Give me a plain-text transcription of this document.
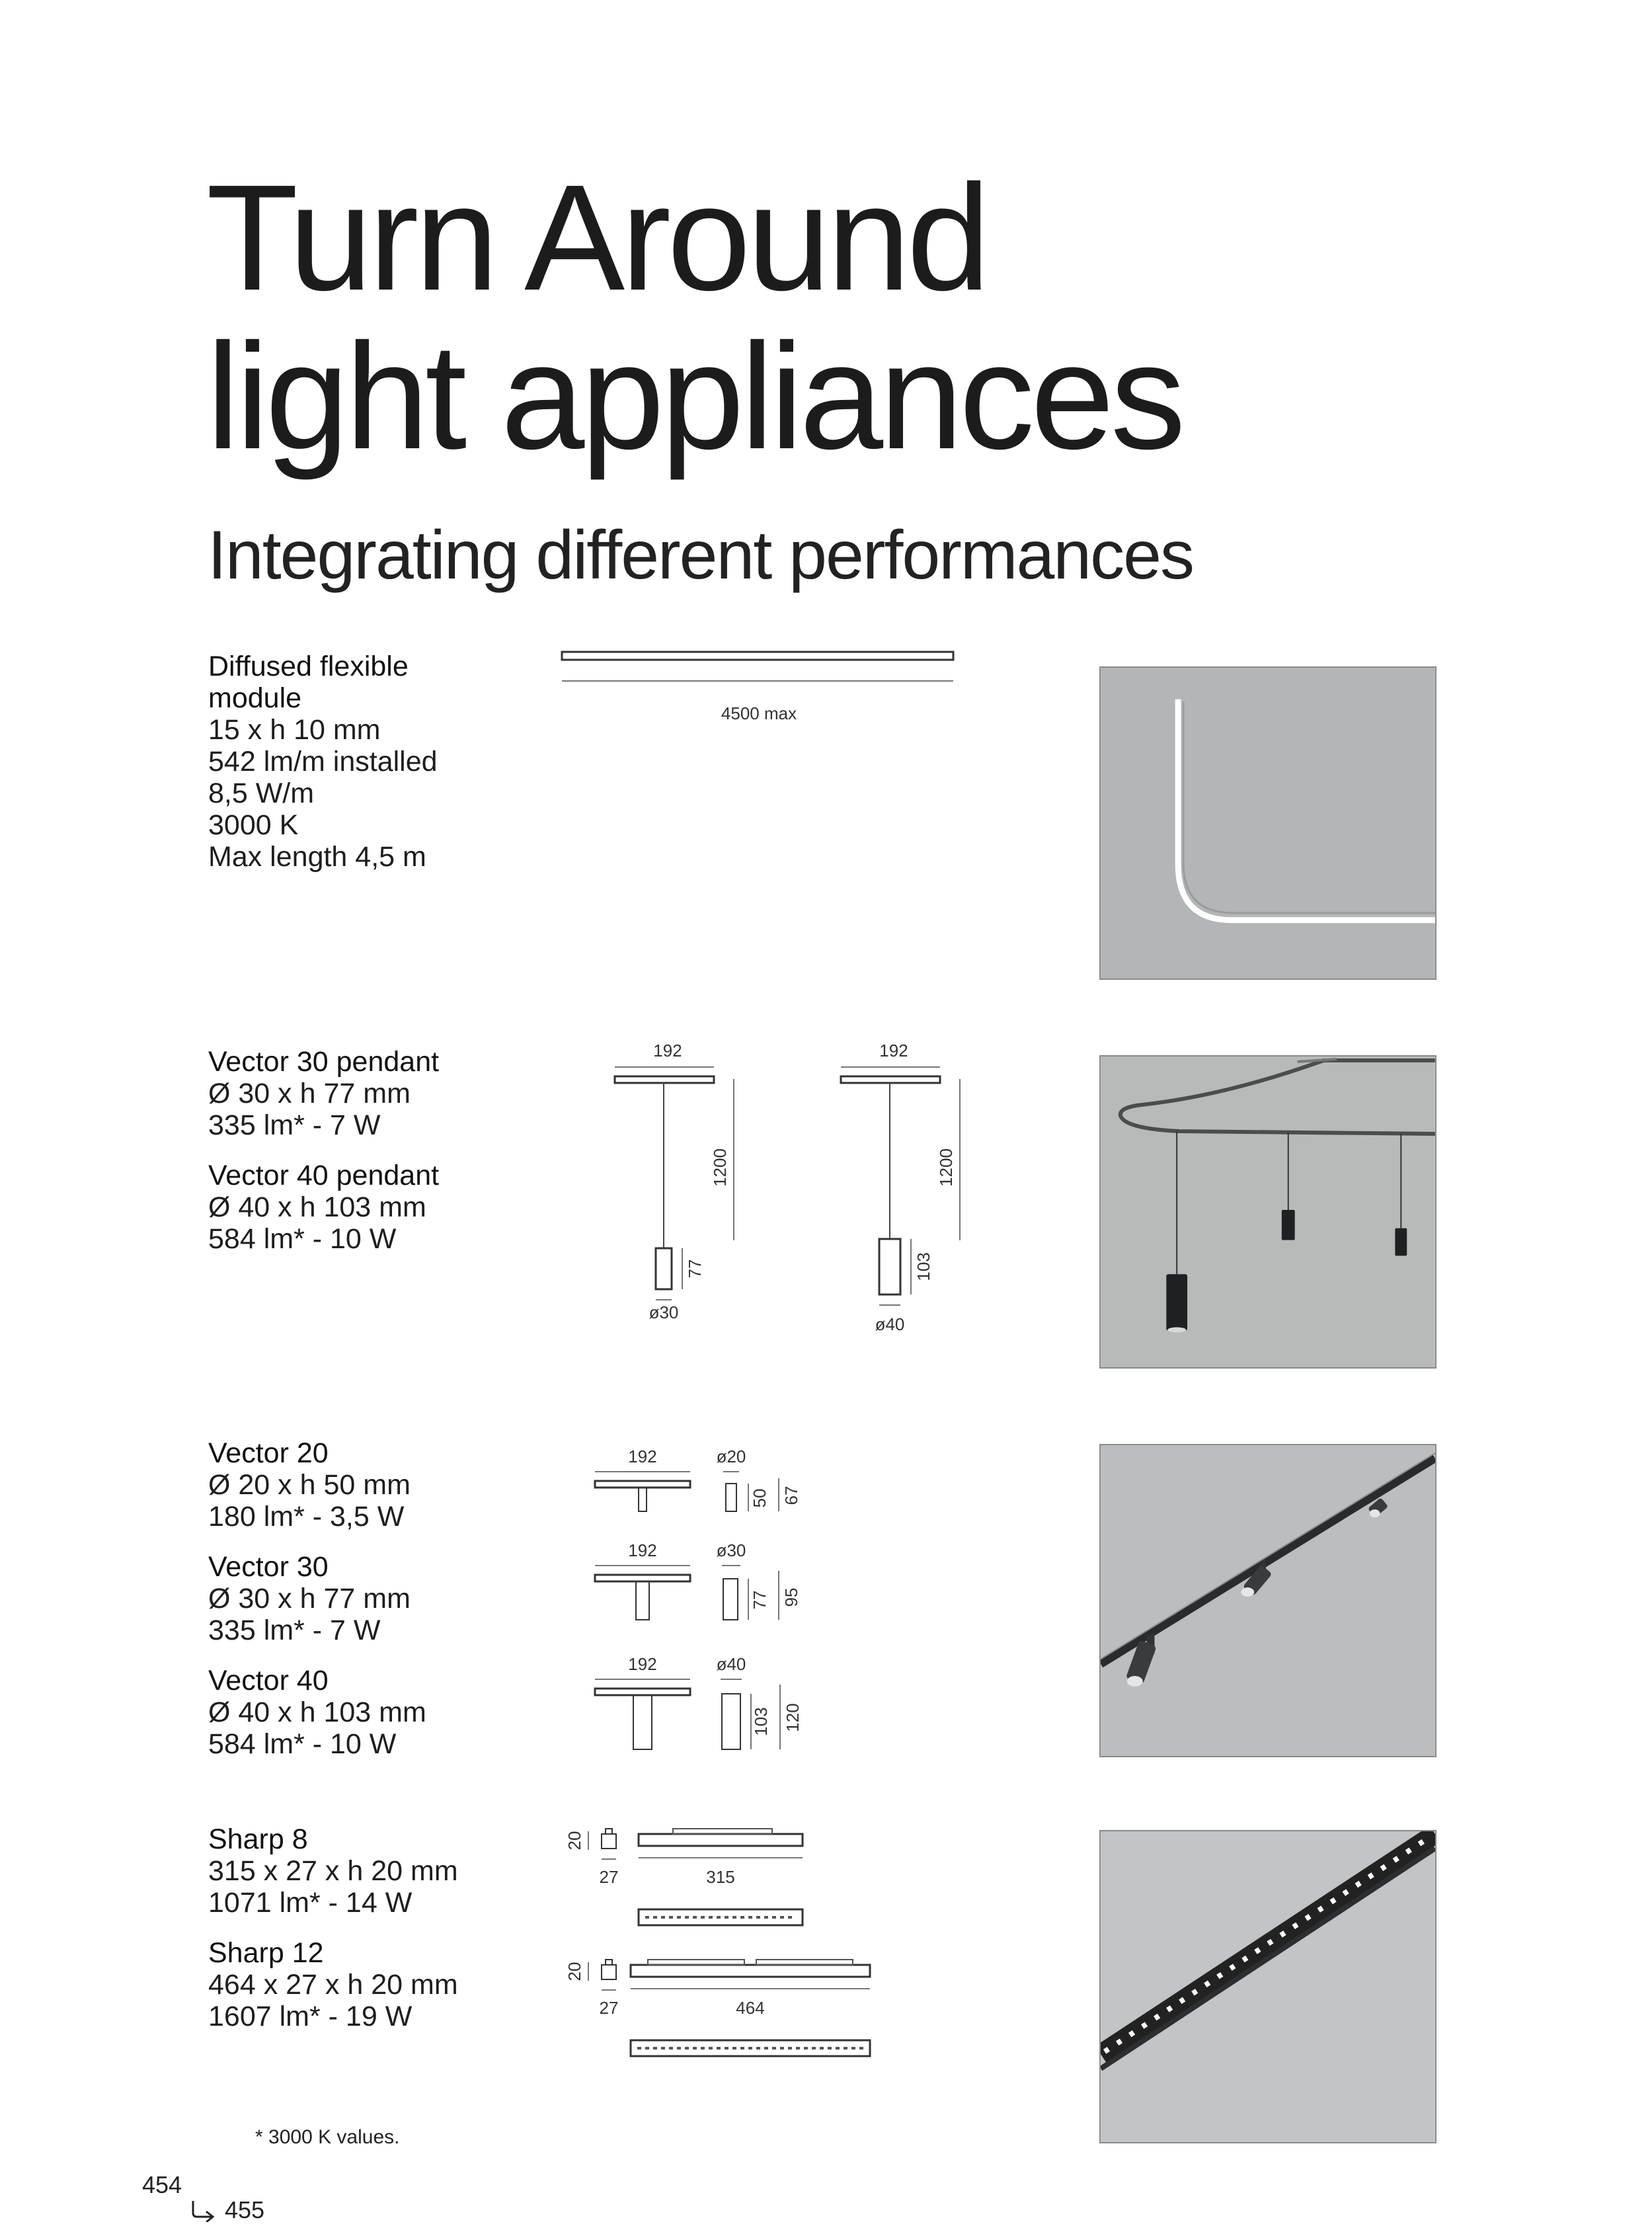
Turn Around
light appliances
Integrating different performances
Diffused flexible
module
15 x h 10 mm
542 lm/m installed
8,5 W/m
3000 K
Max length 4,5 m
4500 max
Vector 30 pendant
Ø 30 x h 77 mm
335 lm* - 7 W
Vector 40 pendant
Ø 40 x h 103 mm
584 lm* - 10 W
192
1200
77
ø30
192
1200
103
ø40
Vector 20
Ø 20 x h 50 mm
180 lm* - 3,5 W
Vector 30
Ø 30 x h 77 mm
335 lm* - 7 W
Vector 40
Ø 40 x h 103 mm
584 lm* - 10 W
192	ø20
50 67
192	ø30
77 95
192	ø40
103 120
Sharp 8
315 x 27 x h 20 mm
1071 lm* - 14 W
Sharp 12
464 x 27 x h 20 mm
1607 lm* - 19 W
20
27	315
20
27	464
* 3000 K values.
454
455
